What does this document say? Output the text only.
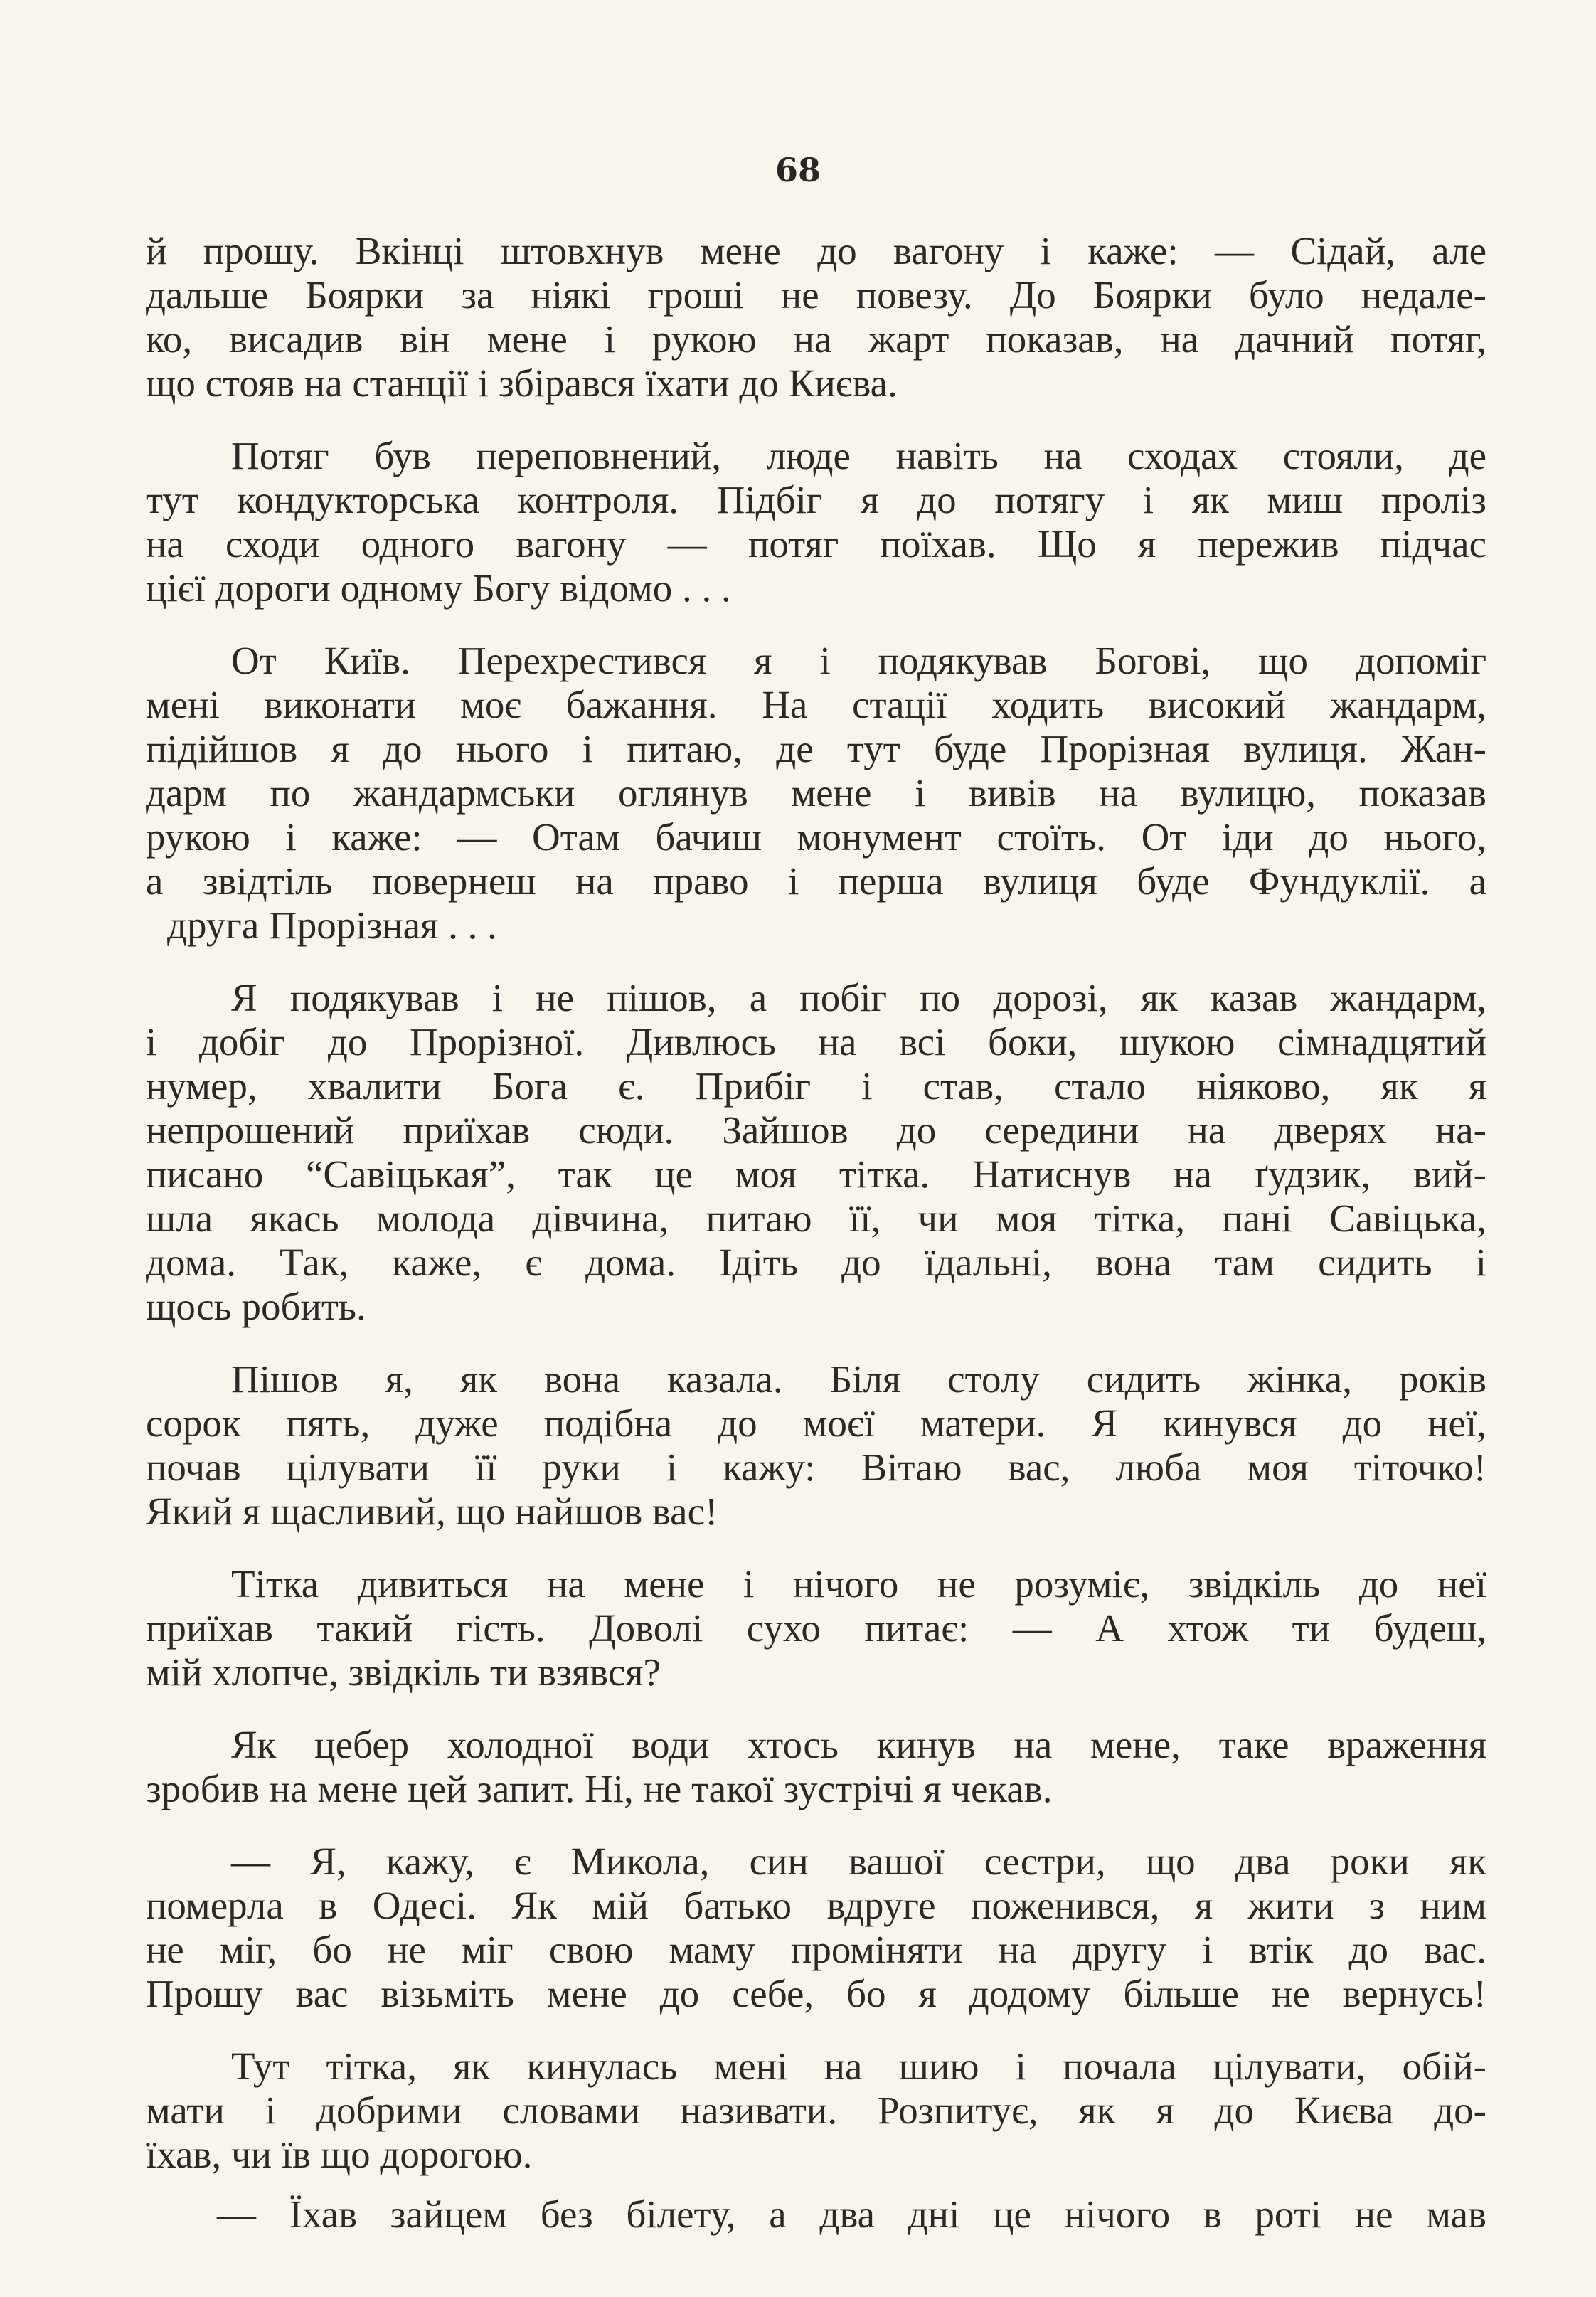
68

й прошу. Вкінці штовхнув мене до вагону і каже: — Сідай, але
дальше Боярки за ніякі гроші не повезу. До Боярки було недале-
ко, висадив він мене і рукою на жарт показав, на дачний потяг,
що стояв на станції і збірався їхати до Києва.

Потяг був переповнений, люде навіть на сходах стояли, де
тут кондукторська контроля. Підбіг я до потягу і як миш проліз
на сходи одного вагону — потяг поїхав. Що я пережив підчас
цієї дороги одному Богу відомо . . .

От Київ. Перехрестився я і подякував Богові, що допоміг
мені виконати моє бажання. На стації ходить високий жандарм,
підійшов я до нього і питаю, де тут буде Прорізная вулиця. Жан-
дарм по жандармськи оглянув мене і вивів на вулицю, показав
рукою і каже: — Отам бачиш монумент стоїть. От іди до нього,
а звідтіль повернеш на право і перша вулиця буде Фундуклії. а
друга Прорізная . . .

Я подякував і не пішов, а побіг по дорозі, як казав жандарм,
і добіг до Прорізної. Дивлюсь на всі боки, шукою сімнадцятий
нумер, хвалити Бога є. Прибіг і став, стало ніяково, як я
непрошений приїхав сюди. Зайшов до середини на дверях на-
писано “Савіцькая”, так це моя тітка. Натиснув на ґудзик, вий-
шла якась молода дівчина, питаю її, чи моя тітка, пані Савіцька,
дома. Так, каже, є дома. Ідіть до їдальні, вона там сидить і
щось робить.

Пішов я, як вона казала. Біля столу сидить жінка, років
сорок пять, дуже подібна до моєї матери. Я кинувся до неї,
почав цілувати її руки і кажу: Вітаю вас, люба моя тіточко!
Який я щасливий, що найшов вас!

Тітка дивиться на мене і нічого не розуміє, звідкіль до неї
приїхав такий гість. Доволі сухо питає: — А хтож ти будеш,
мій хлопче, звідкіль ти взявся?

Як цебер холодної води хтось кинув на мене, таке враження
зробив на мене цей запит. Ні, не такої зустрічі я чекав.

— Я, кажу, є Микола, син вашої сестри, що два роки як
померла в Одесі. Як мій батько вдруге поженився, я жити з ним
не міг, бо не міг свою маму проміняти на другу і втік до вас.
Прошу вас візьміть мене до себе, бо я додому більше не вернусь!

Тут тітка, як кинулась мені на шию і почала цілувати, обій-
мати і добрими словами називати. Розпитує, як я до Києва до-
їхав, чи їв що дорогою.

— Їхав зайцем без білету, а два дні це нічого в роті не мав
